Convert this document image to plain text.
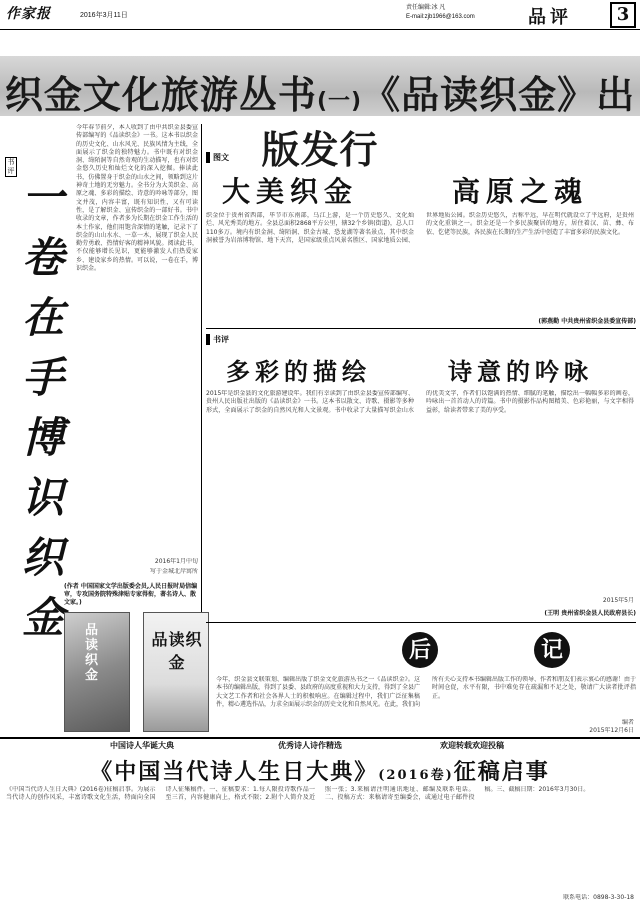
作家报	2016年3月11日
责任编辑:冰 凡
E-mail:zjb1966@163.com	品评	3
织金文化旅游丛书(一)《品读织金》出版发行
书评
一卷在手博识织金
今年春节前夕，本人收到了由中共织金县委宣传部编写的《品读织金》一书。这本书以织金的历史文化、山水风光、民族风情为主线，全面展示了织金的独特魅力。书中既有对织金洞、绮陌洞等自然奇观的生动描写，也有对织金悠久历史和灿烂文化的深入挖掘。捧读此书，仿佛置身于织金的山水之间，领略到这片神奇土地的无穷魅力。全书分为大美织金、高原之魂、多彩的描绘、诗意的吟咏等部分，图文并茂，内容丰富，既有知识性，又有可读性，是了解织金、宣传织金的一部好书。书中收录的文章，作者多为长期在织金工作生活的本土作家，他们用饱含深情的笔触，记录下了织金的山山水水、一草一木，展现了织金人民勤劳勇敢、热情好客的精神风貌。阅读此书，不仅能够增长见识，更能够激发人们热爱家乡、建设家乡的热情。可以说，一卷在手，博识织金。
2016年1月中旬
写于金城北岸寓所
(作者 中国国家文学出版委会员,人民日报时局信编审，专攻国务院特殊津贴专家得衔，著名诗人、散文家。)
品读织金
品读织金
图文
大美织金	高原之魂
织金位于贵州省西部，毕节市东南部，乌江上游，是一个历史悠久、文化灿烂、风光秀美的地方。全县总面积2868平方公里，辖32个乡镇(街道)，总人口110多万。境内有织金洞、绮陌洞、织金古城、恐龙湖等著名景点，其中织金洞被誉为岩溶博物馆、地下天宫，是国家级重点风景名胜区、国家地质公园、世界地质公园。织金历史悠久，古称平远，早在明代就设立了平远府，是贵州的文化重镇之一。织金还是一个多民族聚居的地方，居住着汉、苗、彝、布依、仡佬等民族，各民族在长期的生产生活中创造了丰富多彩的民族文化。
(郭燕勤 中共贵州省织金县委宣传部)
书评
多彩的描绘	诗意的吟咏
2015年是织金县的文化旅游建设年。我们有幸读到了由织金县委宣传部编写、贵州人民出版社出版的《品读织金》一书。这本书以散文、诗歌、摄影等多种形式，全面展示了织金的自然风光和人文景观。书中收录了大量描写织金山水的优美文字，作者们以饱满的热情、细腻的笔触，描绘出一幅幅多彩的画卷，吟咏出一首首动人的诗篇。书中的摄影作品构图精美、色彩艳丽，与文字相得益彰，给读者带来了美的享受。
2015年5月
(王明 贵州省织金县人民政府县长)
后	记
今年，织金县文联策划、编辑出版了织金文化旅游丛书之一《品读织金》。这本书的编辑出版，得到了县委、县政府的高度重视和大力支持，得到了全县广大文艺工作者和社会各界人士的积极响应。在编辑过程中，我们广泛征集稿件，精心遴选作品，力求全面展示织金的历史文化和自然风光。在此，我们向所有关心支持本书编辑出版工作的领导、作者和朋友们表示衷心的感谢！由于时间仓促，水平有限，书中难免存在疏漏和不足之处，敬请广大读者批评指正。
编者
2015年12月6日
中国诗人华诞大典	优秀诗人诗作精选	欢迎转载欢迎投稿
《中国当代诗人生日大典》(2016卷)征稿启事
《中国当代诗人生日大典》(2016卷)征稿启事。为展示当代诗人的创作风采，丰富诗歌文化生活，特面向全国诗人征集稿件。一、征稿要求：1.每人限投诗歌作品一至三首，内容健康向上，格式不限；2.附个人简介及近照一张；3.来稿请注明通讯地址、邮编及联系电话。二、投稿方式：来稿请寄至编委会，或通过电子邮件投稿。三、截稿日期：2016年3月30日。
联系电话：0898-3-30-18
